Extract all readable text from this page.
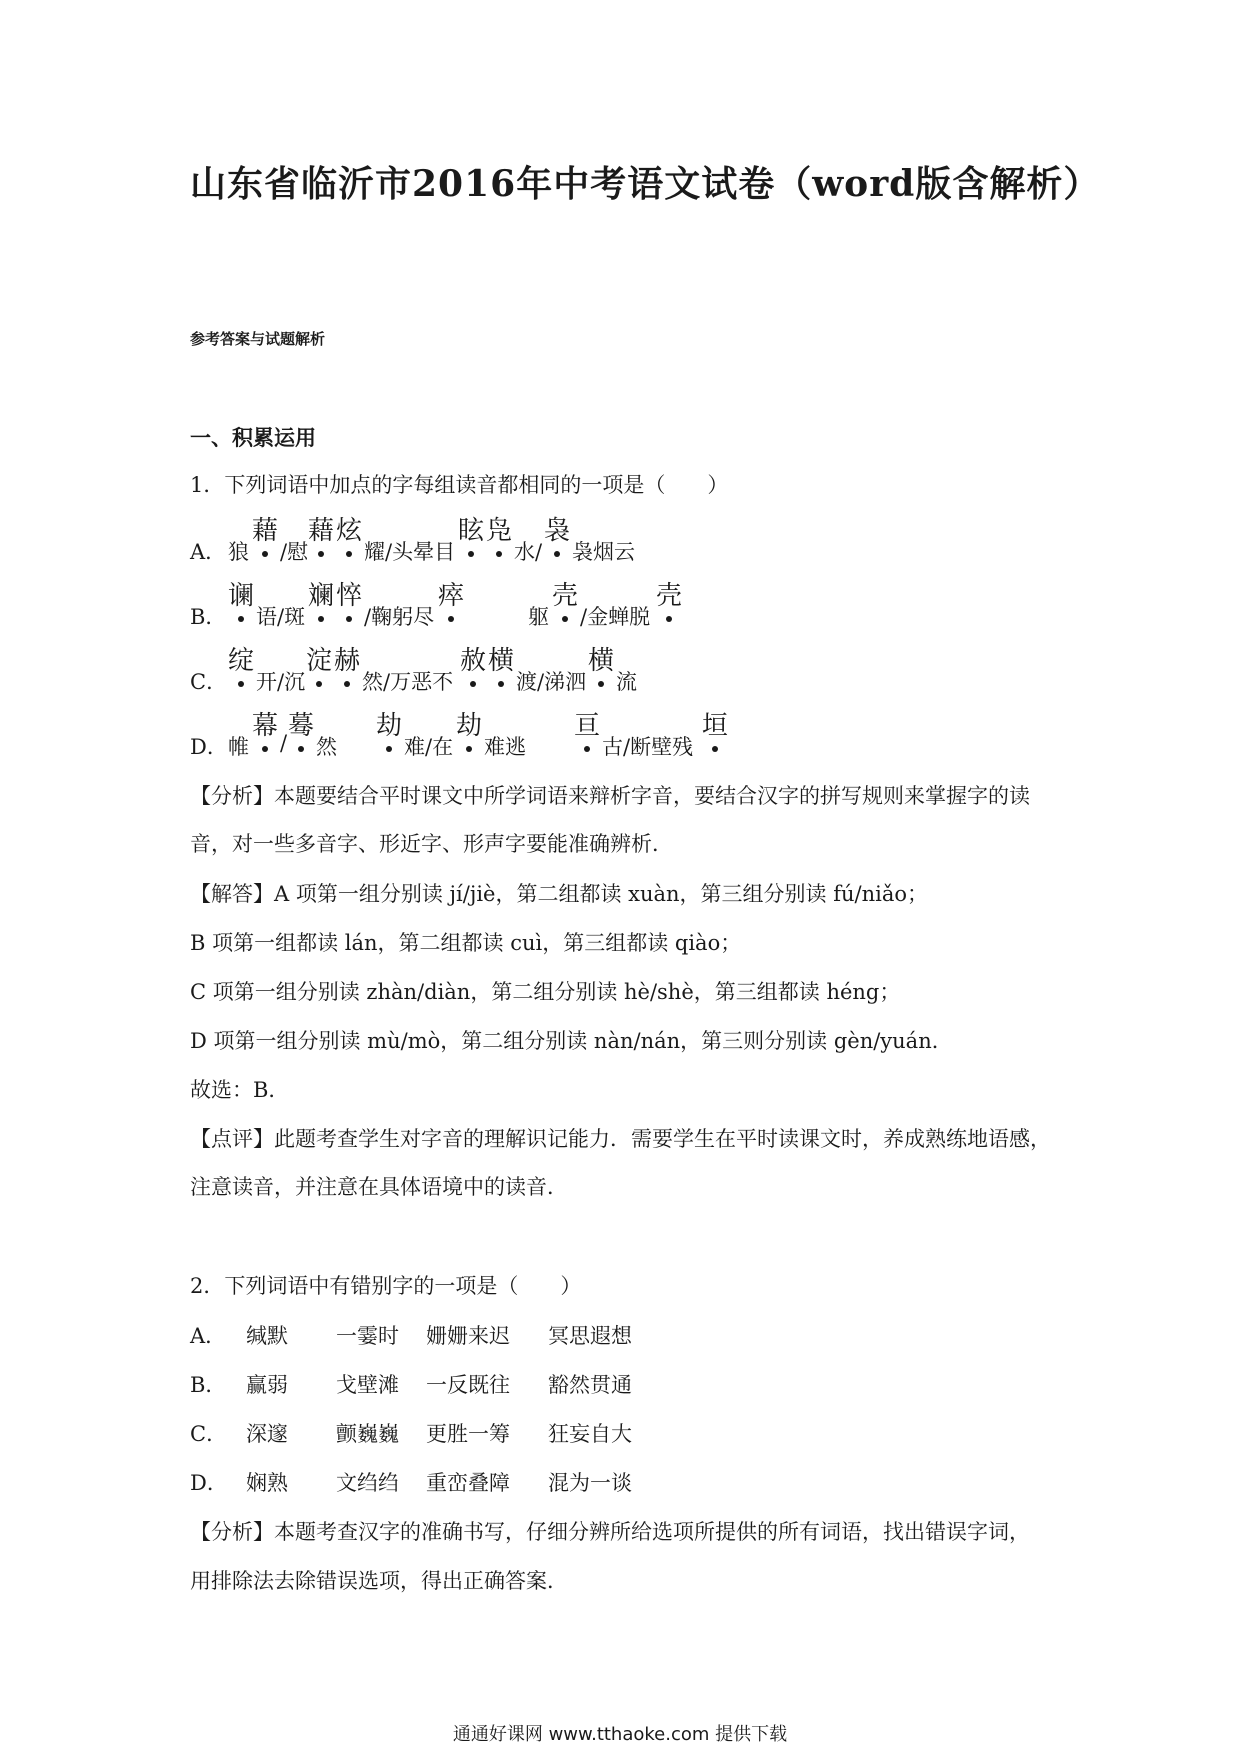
山东省临沂市2016年中考语文试卷（word版含解析）
参考答案与试题解析
一、积累运用
1．下列词语中加点的字每组读音都相同的一项是（　　）
A． 狼
藉
/慰
藉 炫
耀/头晕目
眩 凫
水/
袅
袅烟云
B．
谰
语/斑
斓 悴
/鞠躬尽
瘁
躯
壳
/金蝉脱
壳
C．
绽
开/沉
淀 赫
然/万恶不
赦 横
渡/涕泗
横
流
D． 帷
幕
/
蓦
然
劫
难/在
劫
难逃
亘
古/断壁残
垣
【分析】本题要结合平时课文中所学词语来辩析字音，要结合汉字的拼写规则来掌握字的读
音，对一些多音字、形近字、形声字要能准确辨析．
【解答】A 项第一组分别读 jí/jiè，第二组都读 xuàn，第三组分别读 fú/niǎo；
B 项第一组都读 lán，第二组都读 cuì，第三组都读 qiào；
C 项第一组分别读 zhàn/diàn，第二组分别读 hè/shè，第三组都读 héng；
D 项第一组分别读 mù/mò，第二组分别读 nàn/nán，第三则分别读 gèn/yuán．
故选：B．
【点评】此题考查学生对字音的理解识记能力．需要学生在平时读课文时，养成熟练地语感，
注意读音，并注意在具体语境中的读音．
2．下列词语中有错别字的一项是（　　）
A． 缄默 一霎时 姗姗来迟 冥思遐想
B． 赢弱 戈壁滩 一反既往 豁然贯通
C． 深邃 颤巍巍 更胜一筹 狂妄自大
D． 娴熟 文绉绉 重峦叠障 混为一谈
【分析】本题考查汉字的准确书写，仔细分辨所给选项所提供的所有词语，找出错误字词，
用排除法去除错误选项，得出正确答案．
通通好课网 www.tthaoke.com 提供下载
